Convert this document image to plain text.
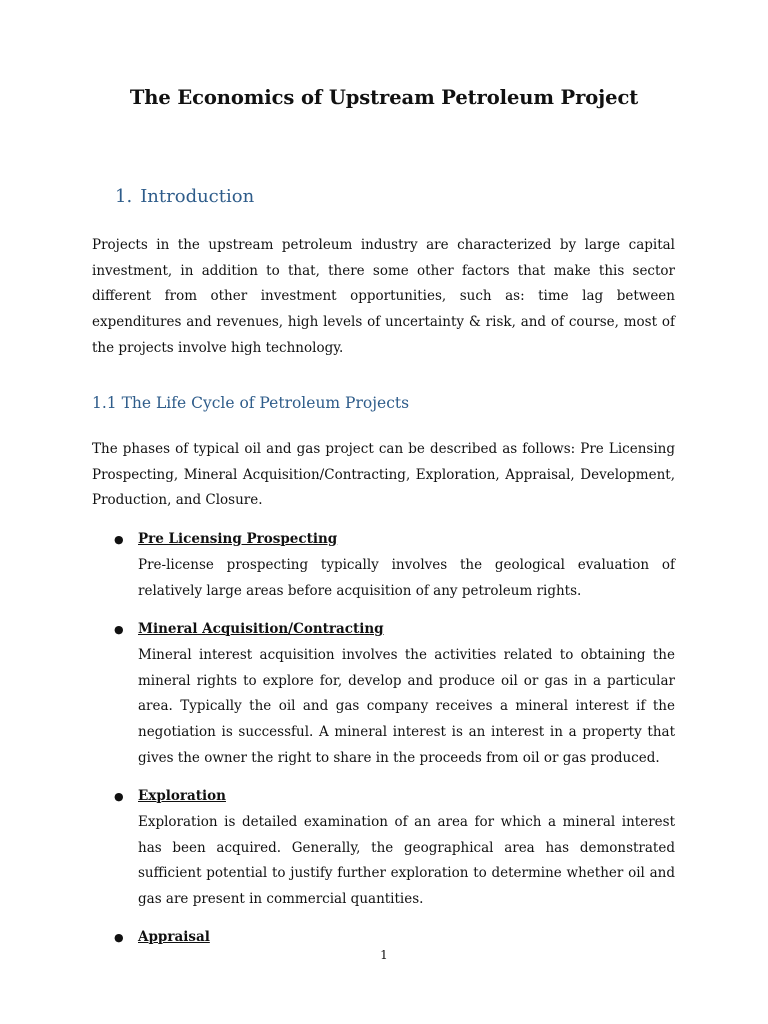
The Economics of Upstream Petroleum Project
1. Introduction

Projects in the upstream petroleum industry are characterized by large capital investment, in addition to that, there some other factors that make this sector different from other investment opportunities, such as: time lag between expenditures and revenues, high levels of uncertainty & risk, and of course, most of the projects involve high technology.

1.1 The Life Cycle of Petroleum Projects

The phases of typical oil and gas project can be described as follows: Pre Licensing Prospecting, Mineral Acquisition/Contracting, Exploration, Appraisal, Development, Production, and Closure.

● Pre Licensing Prospecting

Pre-license prospecting typically involves the geological evaluation of relatively large areas before acquisition of any petroleum rights.

● Mineral Acquisition/Contracting

Mineral interest acquisition involves the activities related to obtaining the mineral rights to explore for, develop and produce oil or gas in a particular area. Typically the oil and gas company receives a mineral interest if the negotiation is successful. A mineral interest is an interest in a property that gives the owner the right to share in the proceeds from oil or gas produced.

● Exploration

Exploration is detailed examination of an area for which a mineral interest has been acquired. Generally, the geographical area has demonstrated sufficient potential to justify further exploration to determine whether oil and gas are present in commercial quantities.

● Appraisal

1
